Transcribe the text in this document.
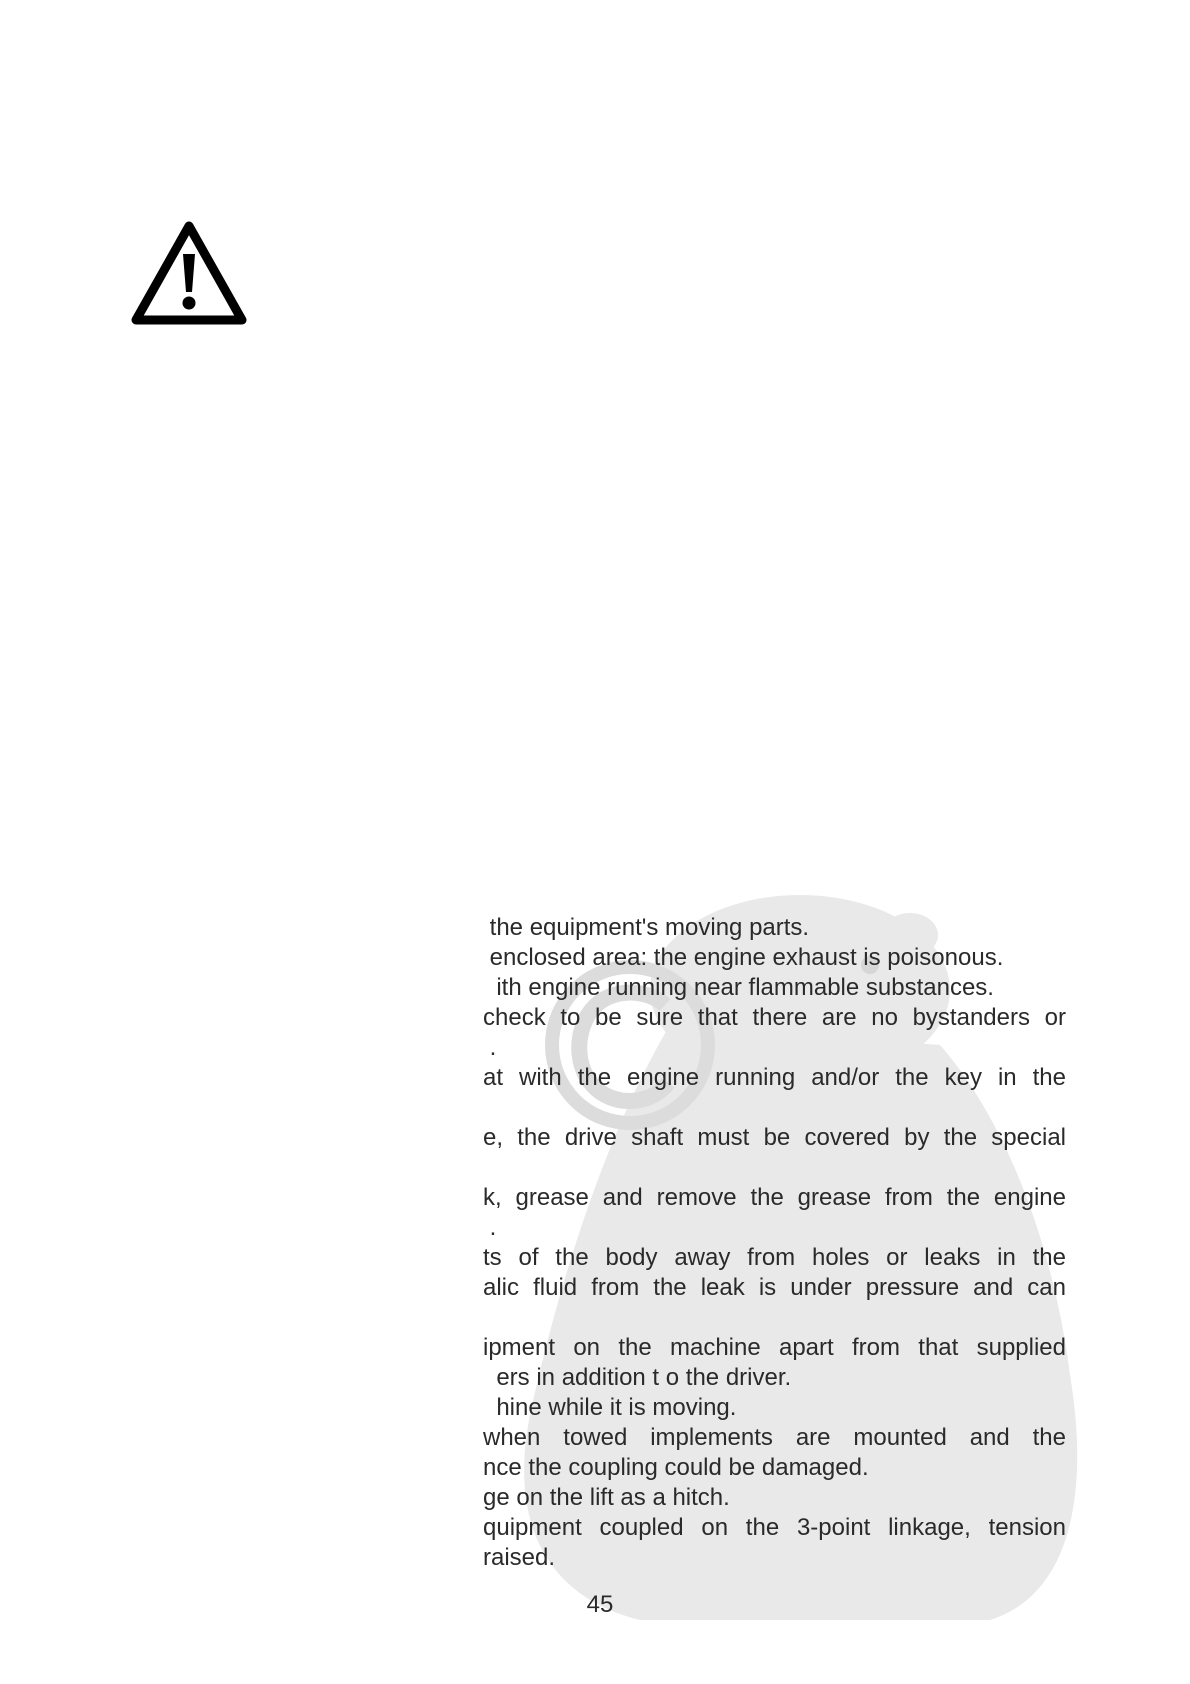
the equipment's moving parts.
enclosed area: the engine exhaust is poisonous.
ith engine running near flammable substances.
check to be sure that there are no bystanders or
.
at with the engine running and/or the key in the
e, the drive shaft must be covered by the special
k, grease and remove the grease from the engine
.
ts of the body away from holes or leaks in the
alic fluid from the leak is under pressure and can
ipment on the machine apart from that supplied
ers in addition t o the driver.
hine while it is moving.
when towed implements are mounted and the
nce the coupling could be damaged.
ge on the lift as a hitch.
quipment coupled on the 3-point linkage, tension
raised.
45
